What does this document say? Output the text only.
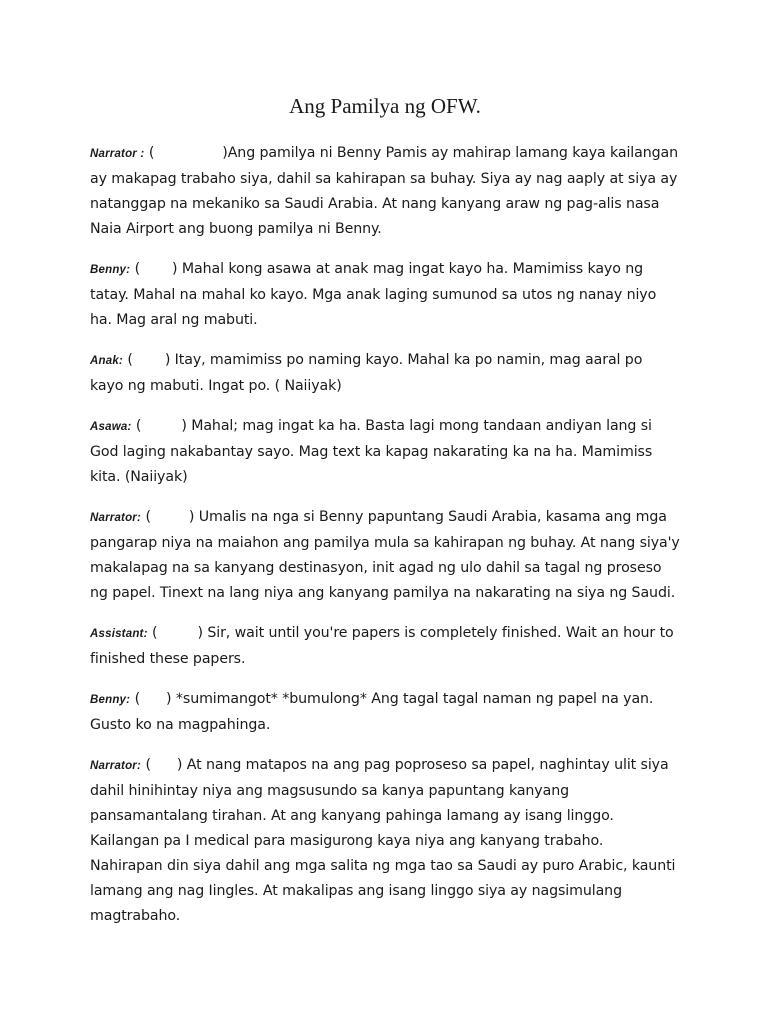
Ang Pamilya ng OFW.

Narrator : (	)Ang pamilya ni Benny Pamis ay mahirap lamang kaya kailangan ay makapag trabaho siya, dahil sa kahirapan sa buhay. Siya ay nag aaply at siya ay natanggap na mekaniko sa Saudi Arabia. At nang kanyang araw ng pag-alis nasa Naia Airport ang buong pamilya ni Benny.

Benny: ( ) Mahal kong asawa at anak mag ingat kayo ha. Mamimiss kayo ng tatay. Mahal na mahal ko kayo. Mga anak laging sumunod sa utos ng nanay niyo ha. Mag aral ng mabuti.

Anak: ( ) Itay, mamimiss po naming kayo. Mahal ka po namin, mag aaral po kayo ng mabuti. Ingat po. ( Naiiyak)

Asawa: (	) Mahal; mag ingat ka ha. Basta lagi mong tandaan andiyan lang si God laging nakabantay sayo. Mag text ka kapag nakarating ka na ha. Mamimiss kita. (Naiiyak)

Narrator: (	) Umalis na nga si Benny papuntang Saudi Arabia, kasama ang mga pangarap niya na maiahon ang pamilya mula sa kahirapan ng buhay. At nang siya'y makalapag na sa kanyang destinasyon, init agad ng ulo dahil sa tagal ng proseso ng papel. Tinext na lang niya ang kanyang pamilya na nakarating na siya ng Saudi.

Assistant: (	) Sir, wait until you're papers is completely finished. Wait an hour to finished these papers.

Benny: ( ) *sumimangot* *bumulong* Ang tagal tagal naman ng papel na yan. Gusto ko na magpahinga.

Narrator: ( ) At nang matapos na ang pag poproseso sa papel, naghintay ulit siya dahil hinihintay niya ang magsusundo sa kanya papuntang kanyang pansamantalang tirahan. At ang kanyang pahinga lamang ay isang linggo. Kailangan pa I medical para masigurong kaya niya ang kanyang trabaho. Nahirapan din siya dahil ang mga salita ng mga tao sa Saudi ay puro Arabic, kaunti lamang ang nag Iingles. At makalipas ang isang linggo siya ay nagsimulang magtrabaho.
